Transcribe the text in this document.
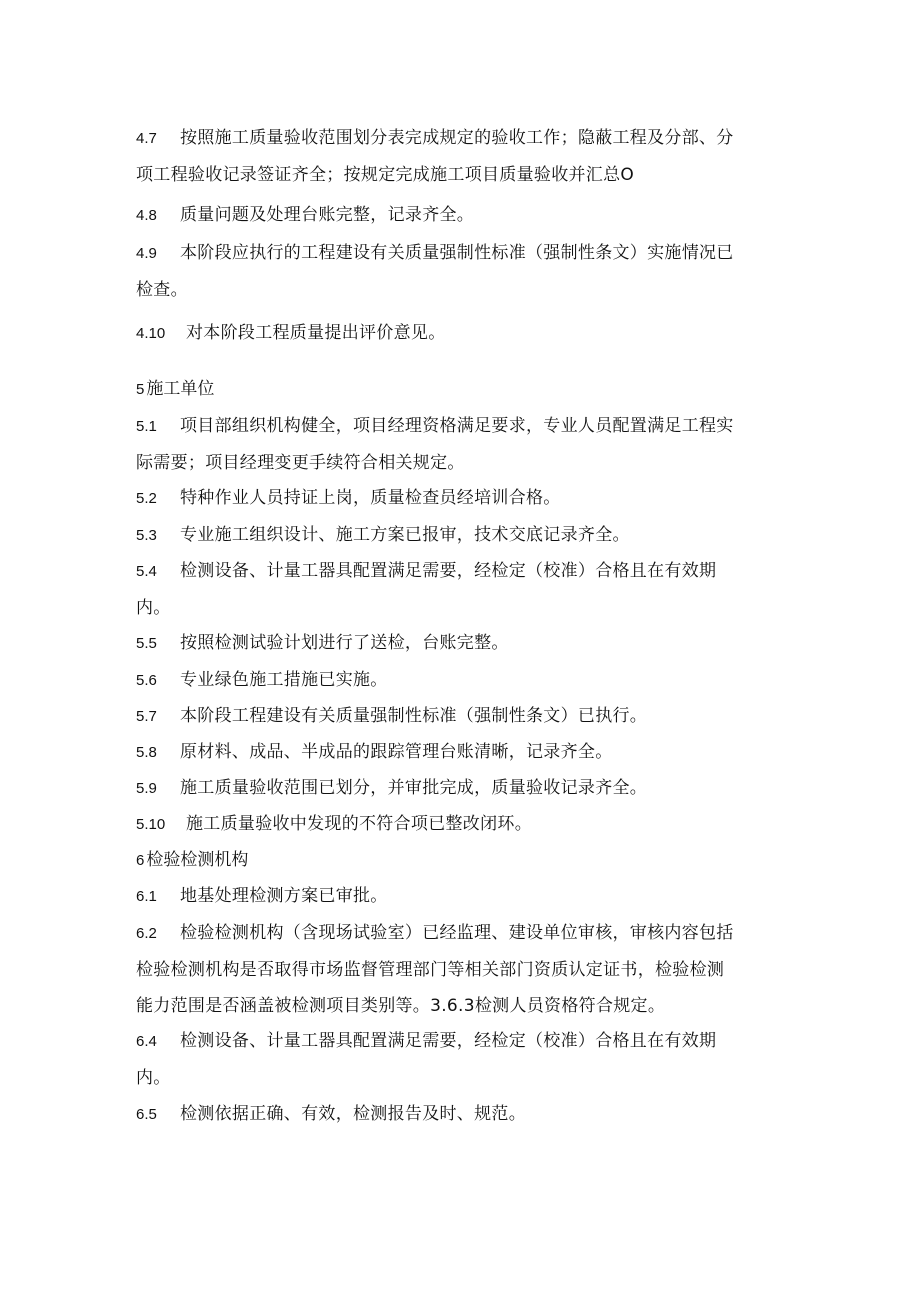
4.7 按照施工质量验收范围划分表完成规定的验收工作；隐蔽工程及分部、分
项工程验收记录签证齐全；按规定完成施工项目质量验收并汇总O
4.8 质量问题及处理台账完整，记录齐全。
4.9 本阶段应执行的工程建设有关质量强制性标准（强制性条文）实施情况已
检查。
4.10 对本阶段工程质量提出评价意见。
5 施工单位
5.1 项目部组织机构健全，项目经理资格满足要求，专业人员配置满足工程实
际需要；项目经理变更手续符合相关规定。
5.2 特种作业人员持证上岗，质量检查员经培训合格。
5.3 专业施工组织设计、施工方案已报审，技术交底记录齐全。
5.4 检测设备、计量工器具配置满足需要，经检定（校准）合格且在有效期
内。
5.5 按照检测试验计划进行了送检，台账完整。
5.6 专业绿色施工措施已实施。
5.7 本阶段工程建设有关质量强制性标准（强制性条文）已执行。
5.8 原材料、成品、半成品的跟踪管理台账清晰，记录齐全。
5.9 施工质量验收范围已划分，并审批完成，质量验收记录齐全。
5.10 施工质量验收中发现的不符合项已整改闭环。
6 检验检测机构
6.1 地基处理检测方案已审批。
6.2 检验检测机构（含现场试验室）已经监理、建设单位审核，审核内容包括
检验检测机构是否取得市场监督管理部门等相关部门资质认定证书，检验检测
能力范围是否涵盖被检测项目类别等。3.6.3检测人员资格符合规定。
6.4 检测设备、计量工器具配置满足需要，经检定（校准）合格且在有效期
内。
6.5 检测依据正确、有效，检测报告及时、规范。
